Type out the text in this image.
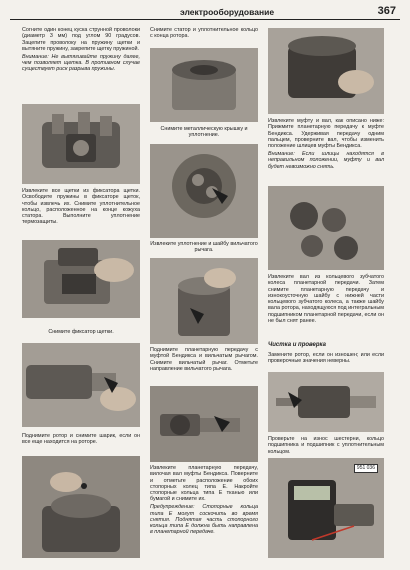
электрооборудование	367

Согните один конец куска струнной проволоки (диаметр 3 мм) под углом 90 градусов. Зацепите проволоку на пружину щетки и вытяните пружину, закрепите щетку пружиной.

Внимание: Не вытягивайте пружину далее, чем позволяет щетка. В противном случае существует риск разрыва пружины.

Извлеките все щетки из фиксатора щетки. Освободите пружины в фиксаторе щеток, чтобы извлечь их. Снимите уплотнительное кольцо, расположенное на конце кожуха статора. Выполните уплотнение термозащиты.

Снимите фиксатор щетки.

Поднимите ротор и снимите шарик, если он все еще находится на роторе.

Снимите статор и уплотнительное кольцо с конца ротора.

Снимите металлическую крышку и уплотнение.

Извлеките уплотнение и шайбу вильчатого рычага.

Поднимите планетарную передачу с муфтой Бендикса и вильчатым рычагом. Снимите вильчатый рычаг. Отметьте направление вильчатого рычага.

Извлеките планетарную передачу, вилочая вал муфты Бендикса. Поверните и отметьте расположение обоих стопорных колец типа E. Накройте стопорные кольца типа E тканью или бумагой и снимите их.

Предупреждение: Стопорные кольца типа E могут соскочить во время снятия. Поднятая часть стопорного кольца типа E должна быть направлена в планетарной передаче.

Извлеките муфту и вал, как описано ниже: Прижмите планетарную передачу к муфте Бендикса. Удерживая передачу одним пальцем, проверните вал, чтобы изменить положение шлицев муфты Бендикса.

Внимание: Если шлицы находятся в неправильном положении, муфту и вал будет невозможно снять.

Извлеките вал из кольцевого зубчатого колеса планетарной передачи. Затем снимите планетарную передачу и изнокоусточную шайбу с нижней части кольцевого зубчатого колеса, а также шайбу вала ротора, находящуюся под интегральным подшипником планетарной передачи, если он не был снят ранее.

Чистка и проверка

Замените ротор, если он изношен; или если проверочные значения неверны.

Проверьте на износ шестерни, кольцо подшипника и подшипник с уплотнительным кольцом.

951 036
